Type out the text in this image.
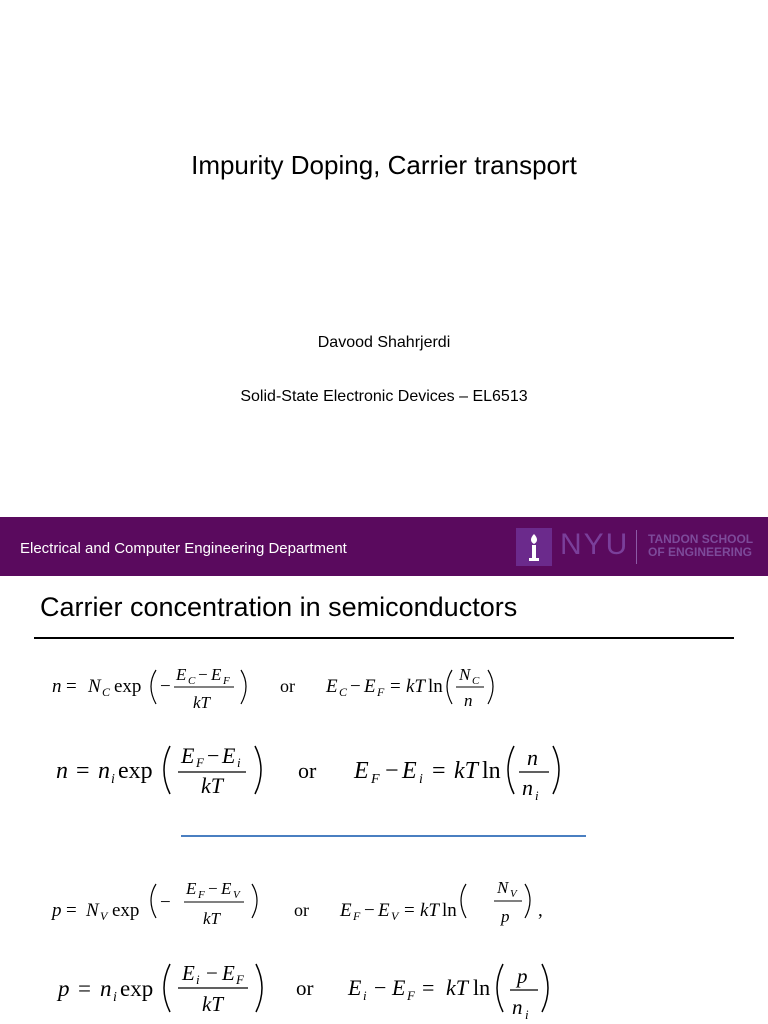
Impurity Doping, Carrier transport
Davood Shahrjerdi
Solid-State Electronic Devices – EL6513
Electrical and Computer Engineering Department	NYU TANDON SCHOOL
OF ENGINEERING
Carrier concentration in semiconductors
n = N C exp −
E C − E F
kT
or E C − E F = kT ln
N C
n
n = n i exp
E F − E i
kT
or E F − E i = kT ln
n
n i
p = N V exp −
E F − E V
kT	or E F − E V = kT ln
N V
p ,
p = n i exp
E i − E F
kT
or E i − E F = kT ln p
n i
